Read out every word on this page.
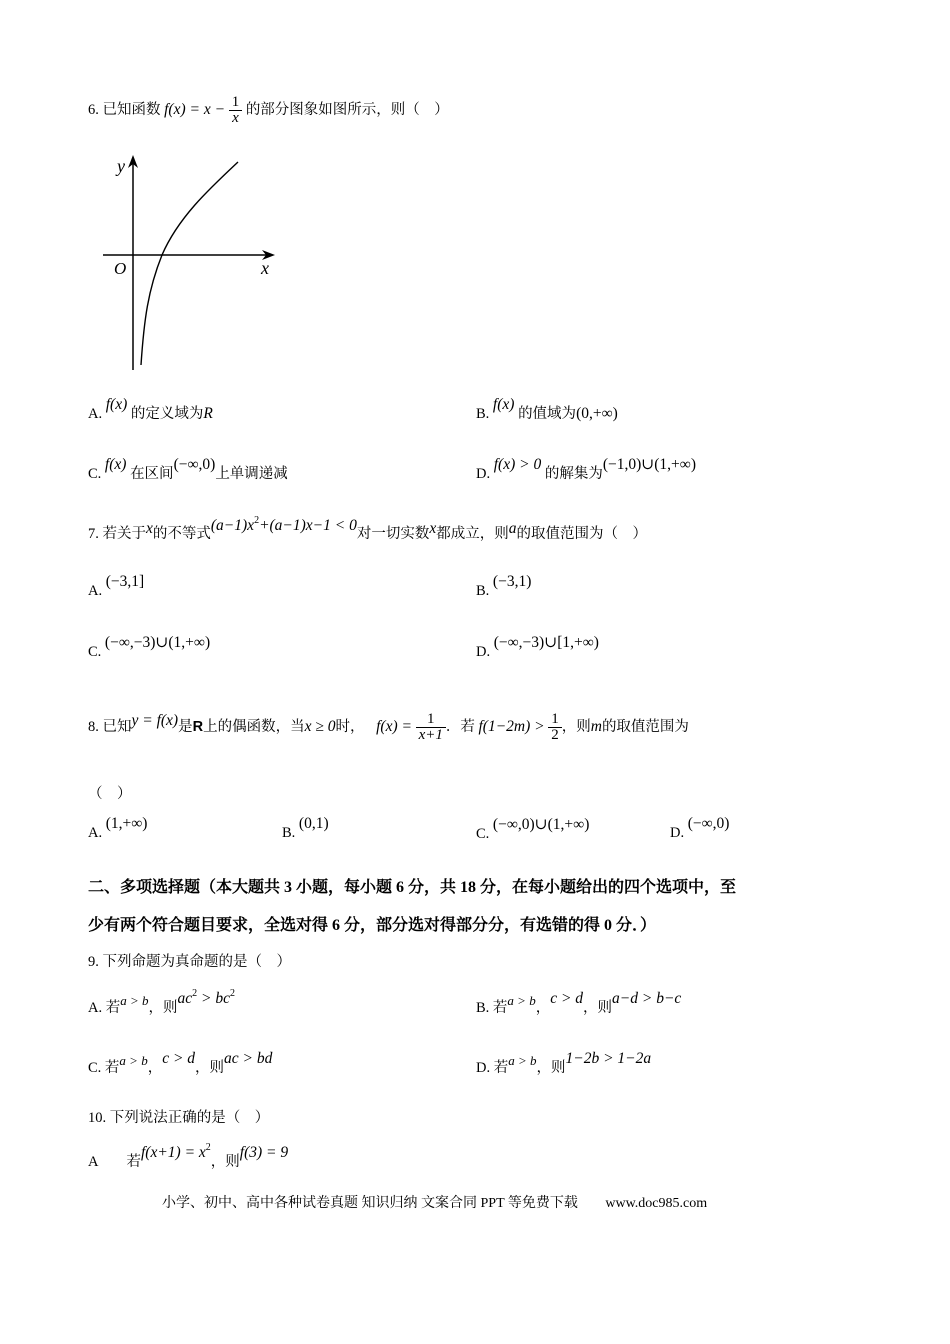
6. 已知函数 $f(x) = x - \frac{1}{x}$ 的部分图象如图所示，则（　）
y
x
O
A. f(x) 的定义域为R	B. f(x) 的值域为(0,+∞)
C. f(x) 在区间(−∞,0)上单调递减	D. f(x) > 0 的解集为(−1,0)∪(1,+∞)
7. 若关于x的不等式$(a-1)x^2+(a-1)x-1 < 0$对一切实数x都成立，则a的取值范围为（　）
A. (−3,1]
B. (−3,1)
C. (−∞,−3)∪(1,+∞)
D. (−∞,−3)∪[1,+∞)
8. 已知y = f(x)是R上的偶函数，当x ≥ 0时， $f(x) = \frac{1}{x+1}$ ．若 $f(1-2m) > \frac{1}{2}$ ，则m的取值范围为
（　）
A. (1,+∞)
B. (0,1)
C. (−∞,0)∪(1,+∞)	D. (−∞,0)
二、多项选择题（本大题共 3 小题，每小题 6 分，共 18 分，在每小题给出的四个选项中，至
少有两个符合题目要求，全选对得 6 分，部分选对得部分分，有选错的得 0 分．）
9. 下列命题为真命题的是（　）
A. 若a > b，则$ac^2 > bc^2$
B. 若a > b，c > d，则a−d > b−c
C. 若a > b，c > d，则ac > bd
D. 若a > b，则1−2b > 1−2a
10. 下列说法正确的是（　）
A 若$f(x+1) = x^2$，则f(3) = 9
小学、初中、高中各种试卷真题 知识归纳 文案合同 PPT 等免费下载 www.doc985.com
